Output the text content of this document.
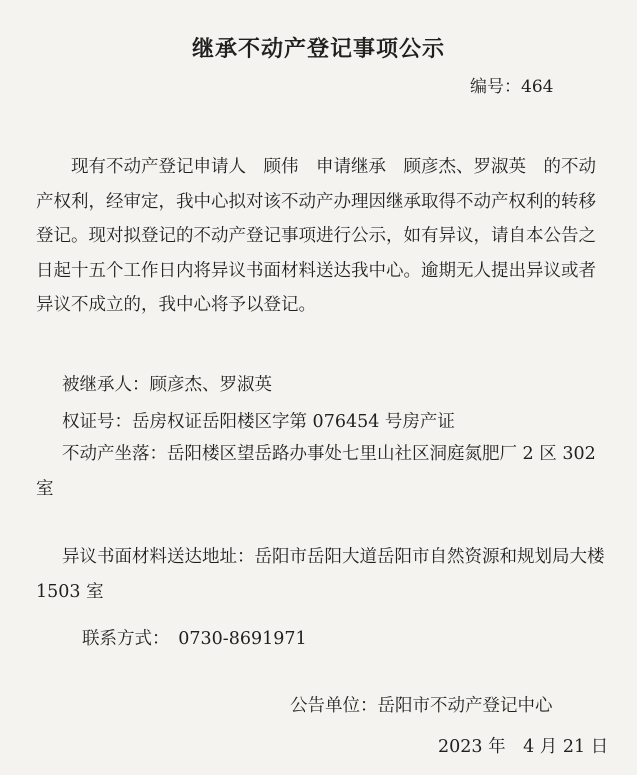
继承不动产登记事项公示
编号：464

现有不动产登记申请人　顾伟　申请继承　顾彦杰、罗淑英　的不动产权利，经审定，我中心拟对该不动产办理因继承取得不动产权利的转移登记。现对拟登记的不动产登记事项进行公示，如有异议，请自本公告之日起十五个工作日内将异议书面材料送达我中心。逾期无人提出异议或者异议不成立的，我中心将予以登记。

被继承人：顾彦杰、罗淑英
权证号：岳房权证岳阳楼区字第 076454 号房产证
不动产坐落：岳阳楼区望岳路办事处七里山社区洞庭氮肥厂 2 区 302 室

异议书面材料送达地址：岳阳市岳阳大道岳阳市自然资源和规划局大楼 1503 室

联系方式：　0730-8691971
公告单位：岳阳市不动产登记中心
2023 年　4 月 21 日
